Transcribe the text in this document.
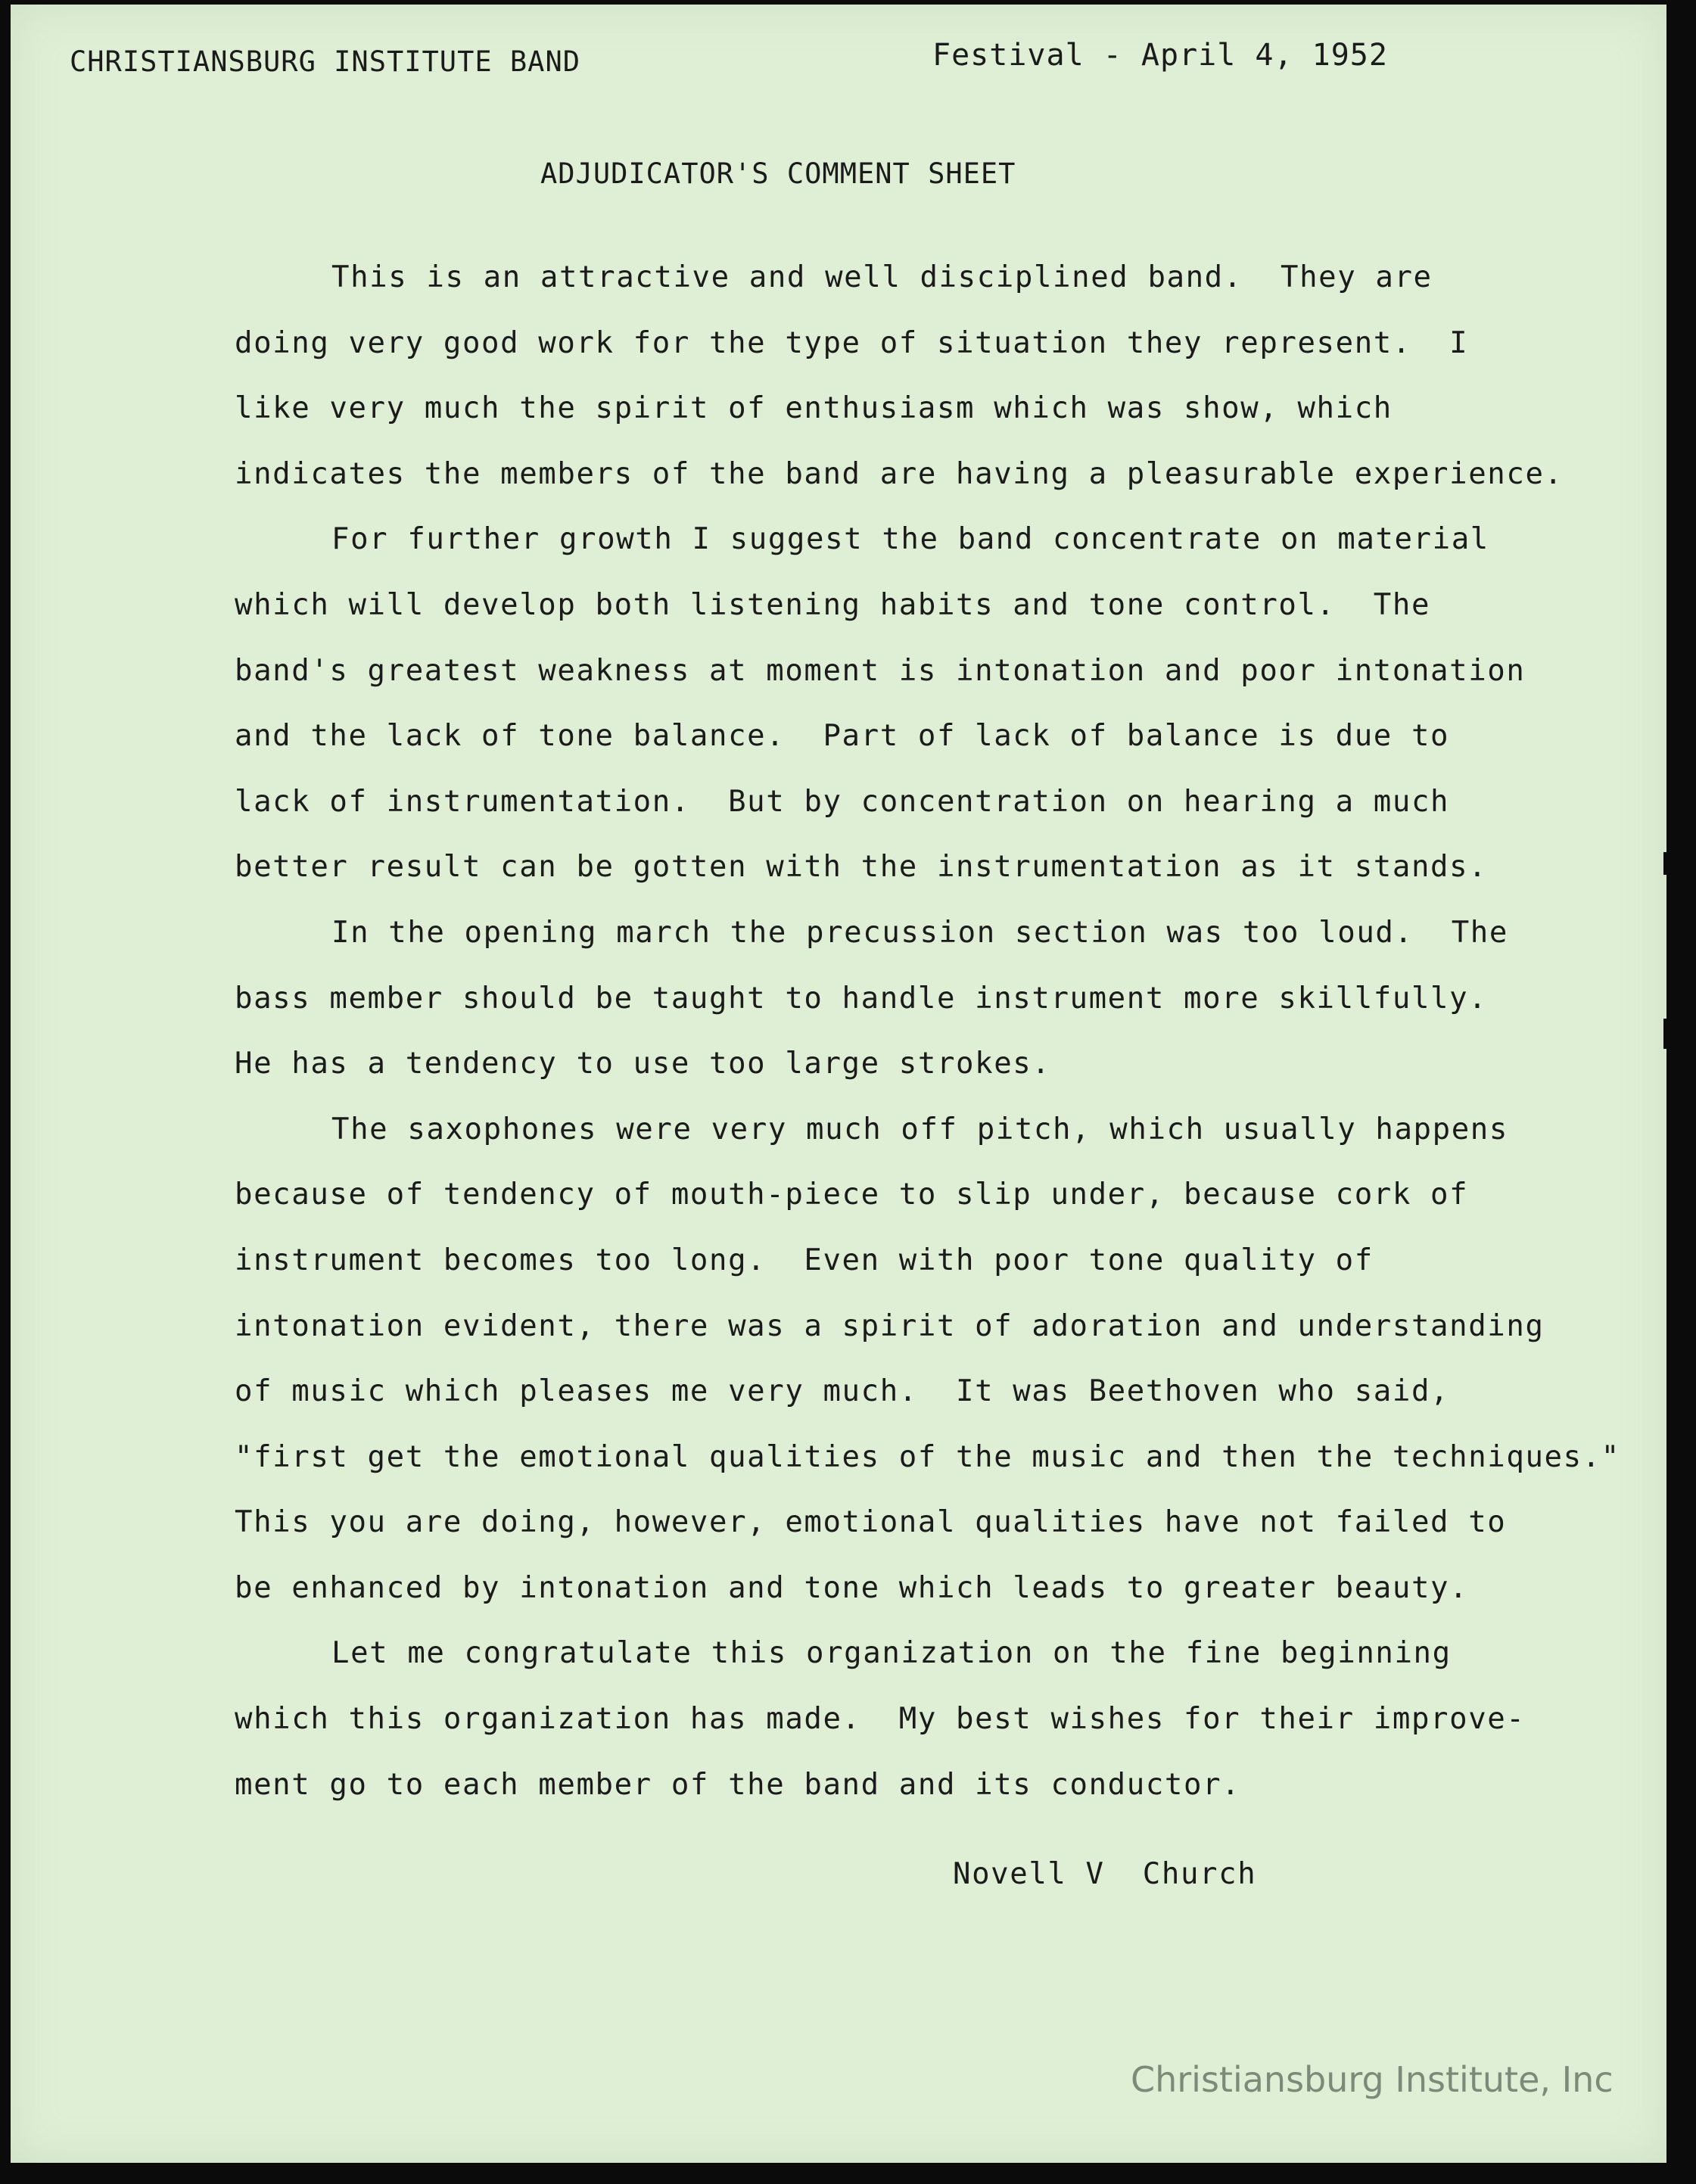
CHRISTIANSBURG INSTITUTE BAND	Festival - April 4, 1952
ADJUDICATOR'S COMMENT SHEET
This is an attractive and well disciplined band.  They are
doing very good work for the type of situation they represent.  I
like very much the spirit of enthusiasm which was show, which
indicates the members of the band are having a pleasurable experience.
For further growth I suggest the band concentrate on material
which will develop both listening habits and tone control.  The
band's greatest weakness at moment is intonation and poor intonation
and the lack of tone balance.  Part of lack of balance is due to
lack of instrumentation.  But by concentration on hearing a much
better result can be gotten with the instrumentation as it stands.
In the opening march the precussion section was too loud.  The
bass member should be taught to handle instrument more skillfully.
He has a tendency to use too large strokes.
The saxophones were very much off pitch, which usually happens
because of tendency of mouth-piece to slip under, because cork of
instrument becomes too long.  Even with poor tone quality of
intonation evident, there was a spirit of adoration and understanding
of music which pleases me very much.  It was Beethoven who said,
"first get the emotional qualities of the music and then the techniques."
This you are doing, however, emotional qualities have not failed to
be enhanced by intonation and tone which leads to greater beauty.
Let me congratulate this organization on the fine beginning
which this organization has made.  My best wishes for their improve-
ment go to each member of the band and its conductor.
Novell V  Church
Christiansburg Institute, Inc
